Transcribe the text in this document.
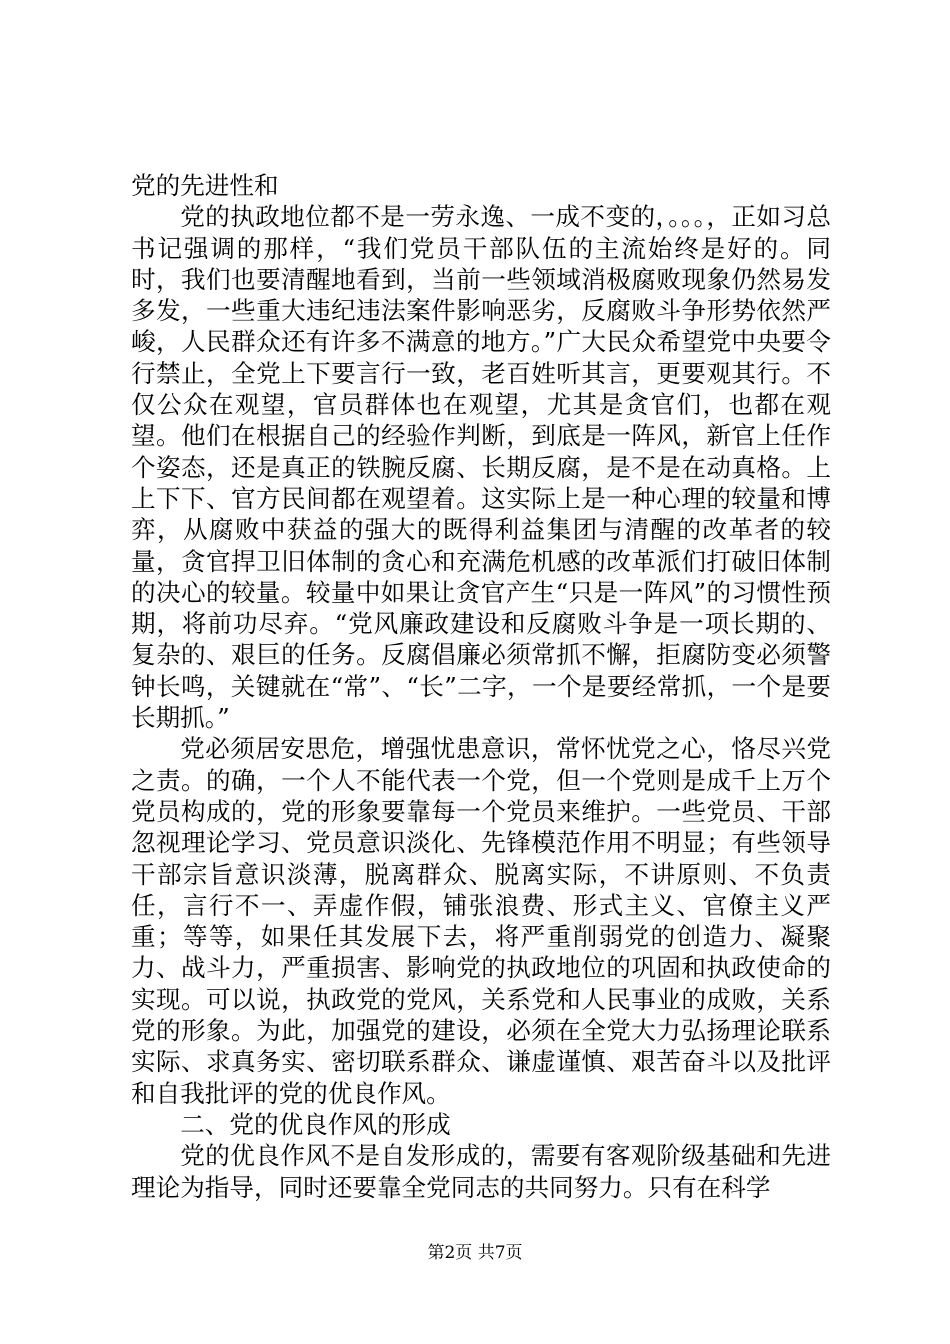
党的先进性和

党的执政地位都不是一劳永逸、一成不变的，。。。，正如习总书记强调的那样，“我们党员干部队伍的主流始终是好的。同时，我们也要清醒地看到，当前一些领域消极腐败现象仍然易发多发，一些重大违纪违法案件影响恶劣，反腐败斗争形势依然严峻，人民群众还有许多不满意的地方。”广大民众希望党中央要令行禁止，全党上下要言行一致，老百姓听其言，更要观其行。不仅公众在观望，官员群体也在观望，尤其是贪官们，也都在观望。他们在根据自己的经验作判断，到底是一阵风，新官上任作个姿态，还是真正的铁腕反腐、长期反腐，是不是在动真格。上上下下、官方民间都在观望着。这实际上是一种心理的较量和博弈，从腐败中获益的强大的既得利益集团与清醒的改革者的较量，贪官捍卫旧体制的贪心和充满危机感的改革派们打破旧体制的决心的较量。较量中如果让贪官产生“只是一阵风”的习惯性预期，将前功尽弃。“党风廉政建设和反腐败斗争是一项长期的、复杂的、艰巨的任务。反腐倡廉必须常抓不懈，拒腐防变必须警钟长鸣，关键就在“常”、“长”二字，一个是要经常抓，一个是要长期抓。”

党必须居安思危，增强忧患意识，常怀忧党之心，恪尽兴党之责。的确，一个人不能代表一个党，但一个党则是成千上万个党员构成的，党的形象要靠每一个党员来维护。一些党员、干部忽视理论学习、党员意识淡化、先锋模范作用不明显；有些领导干部宗旨意识淡薄，脱离群众、脱离实际，不讲原则、不负责任，言行不一、弄虚作假，铺张浪费、形式主义、官僚主义严重；等等，如果任其发展下去，将严重削弱党的创造力、凝聚力、战斗力，严重损害、影响党的执政地位的巩固和执政使命的实现。可以说，执政党的党风，关系党和人民事业的成败，关系党的形象。为此，加强党的建设，必须在全党大力弘扬理论联系实际、求真务实、密切联系群众、谦虚谨慎、艰苦奋斗以及批评和自我批评的党的优良作风。

二、党的优良作风的形成

党的优良作风不是自发形成的，需要有客观阶级基础和先进理论为指导，同时还要靠全党同志的共同努力。只有在科学

第2页 共7页
